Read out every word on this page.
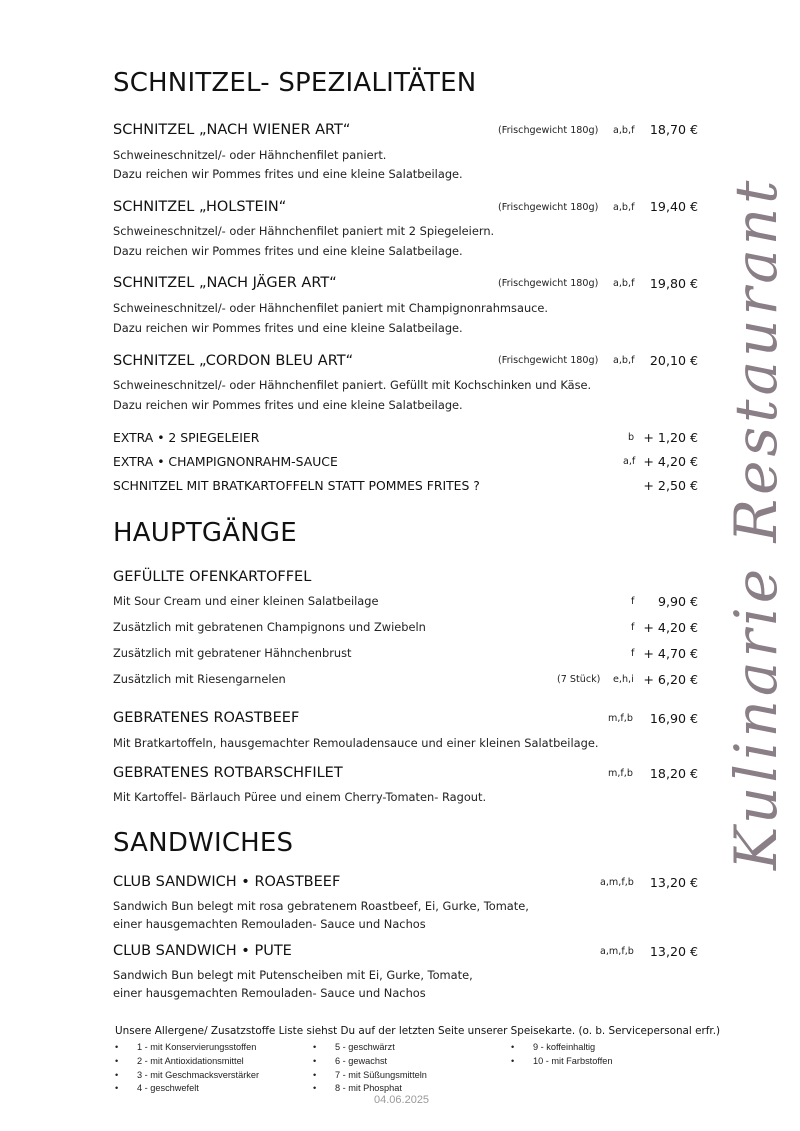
Kulinarie Restaurant
SCHNITZEL- SPEZIALITÄTEN
SCHNITZEL „NACH WIENER ART“	(Frischgewicht 180g) a,b,f	18,70 €
Schweineschnitzel/- oder Hähnchenfilet paniert.
Dazu reichen wir Pommes frites und eine kleine Salatbeilage.
SCHNITZEL „HOLSTEIN“	(Frischgewicht 180g) a,b,f	19,40 €
Schweineschnitzel/- oder Hähnchenfilet paniert mit 2 Spiegeleiern.
Dazu reichen wir Pommes frites und eine kleine Salatbeilage.
SCHNITZEL „NACH JÄGER ART“	(Frischgewicht 180g) a,b,f	19,80 €
Schweineschnitzel/- oder Hähnchenfilet paniert mit Champignonrahmsauce.
Dazu reichen wir Pommes frites und eine kleine Salatbeilage.
SCHNITZEL „CORDON BLEU ART“	(Frischgewicht 180g) a,b,f	20,10 €
Schweineschnitzel/- oder Hähnchenfilet paniert. Gefüllt mit Kochschinken und Käse.
Dazu reichen wir Pommes frites und eine kleine Salatbeilage.
EXTRA • 2 SPIEGELEIER	b + 1,20 €
EXTRA • CHAMPIGNONRAHM-SAUCE	a,f + 4,20 €
SCHNITZEL MIT BRATKARTOFFELN STATT POMMES FRITES ?	+ 2,50 €
HAUPTGÄNGE
GEFÜLLTE OFENKARTOFFEL
Mit Sour Cream und einer kleinen Salatbeilage	f	9,90 €
Zusätzlich mit gebratenen Champignons und Zwiebeln	f + 4,20 €
Zusätzlich mit gebratener Hähnchenbrust	f + 4,70 €
Zusätzlich mit Riesengarnelen	(7 Stück) e,h,i + 6,20 €
GEBRATENES ROASTBEEF	m,f,b	16,90 €
Mit Bratkartoffeln, hausgemachter Remouladensauce und einer kleinen Salatbeilage.
GEBRATENES ROTBARSCHFILET	m,f,b	18,20 €
Mit Kartoffel- Bärlauch Püree und einem Cherry-Tomaten- Ragout.
SANDWICHES
CLUB SANDWICH • ROASTBEEF	a,m,f,b	13,20 €
Sandwich Bun belegt mit rosa gebratenem Roastbeef, Ei, Gurke, Tomate,
einer hausgemachten Remouladen- Sauce und Nachos
CLUB SANDWICH • PUTE	a,m,f,b	13,20 €
Sandwich Bun belegt mit Putenscheiben mit Ei, Gurke, Tomate,
einer hausgemachten Remouladen- Sauce und Nachos
Unsere Allergene/ Zusatzstoffe Liste siehst Du auf der letzten Seite unserer Speisekarte. (o. b. Servicepersonal erfr.)
• 1 - mit Konservierungsstoffen
• 2 - mit Antioxidationsmittel
• 3 - mit Geschmacksverstärker
• 4 - geschwefelt
• 5 - geschwärzt
• 6 - gewachst
• 7 - mit Süßungsmitteln
• 8 - mit Phosphat
• 9 - koffeinhaltig
• 10 - mit Farbstoffen
04.06.2025
